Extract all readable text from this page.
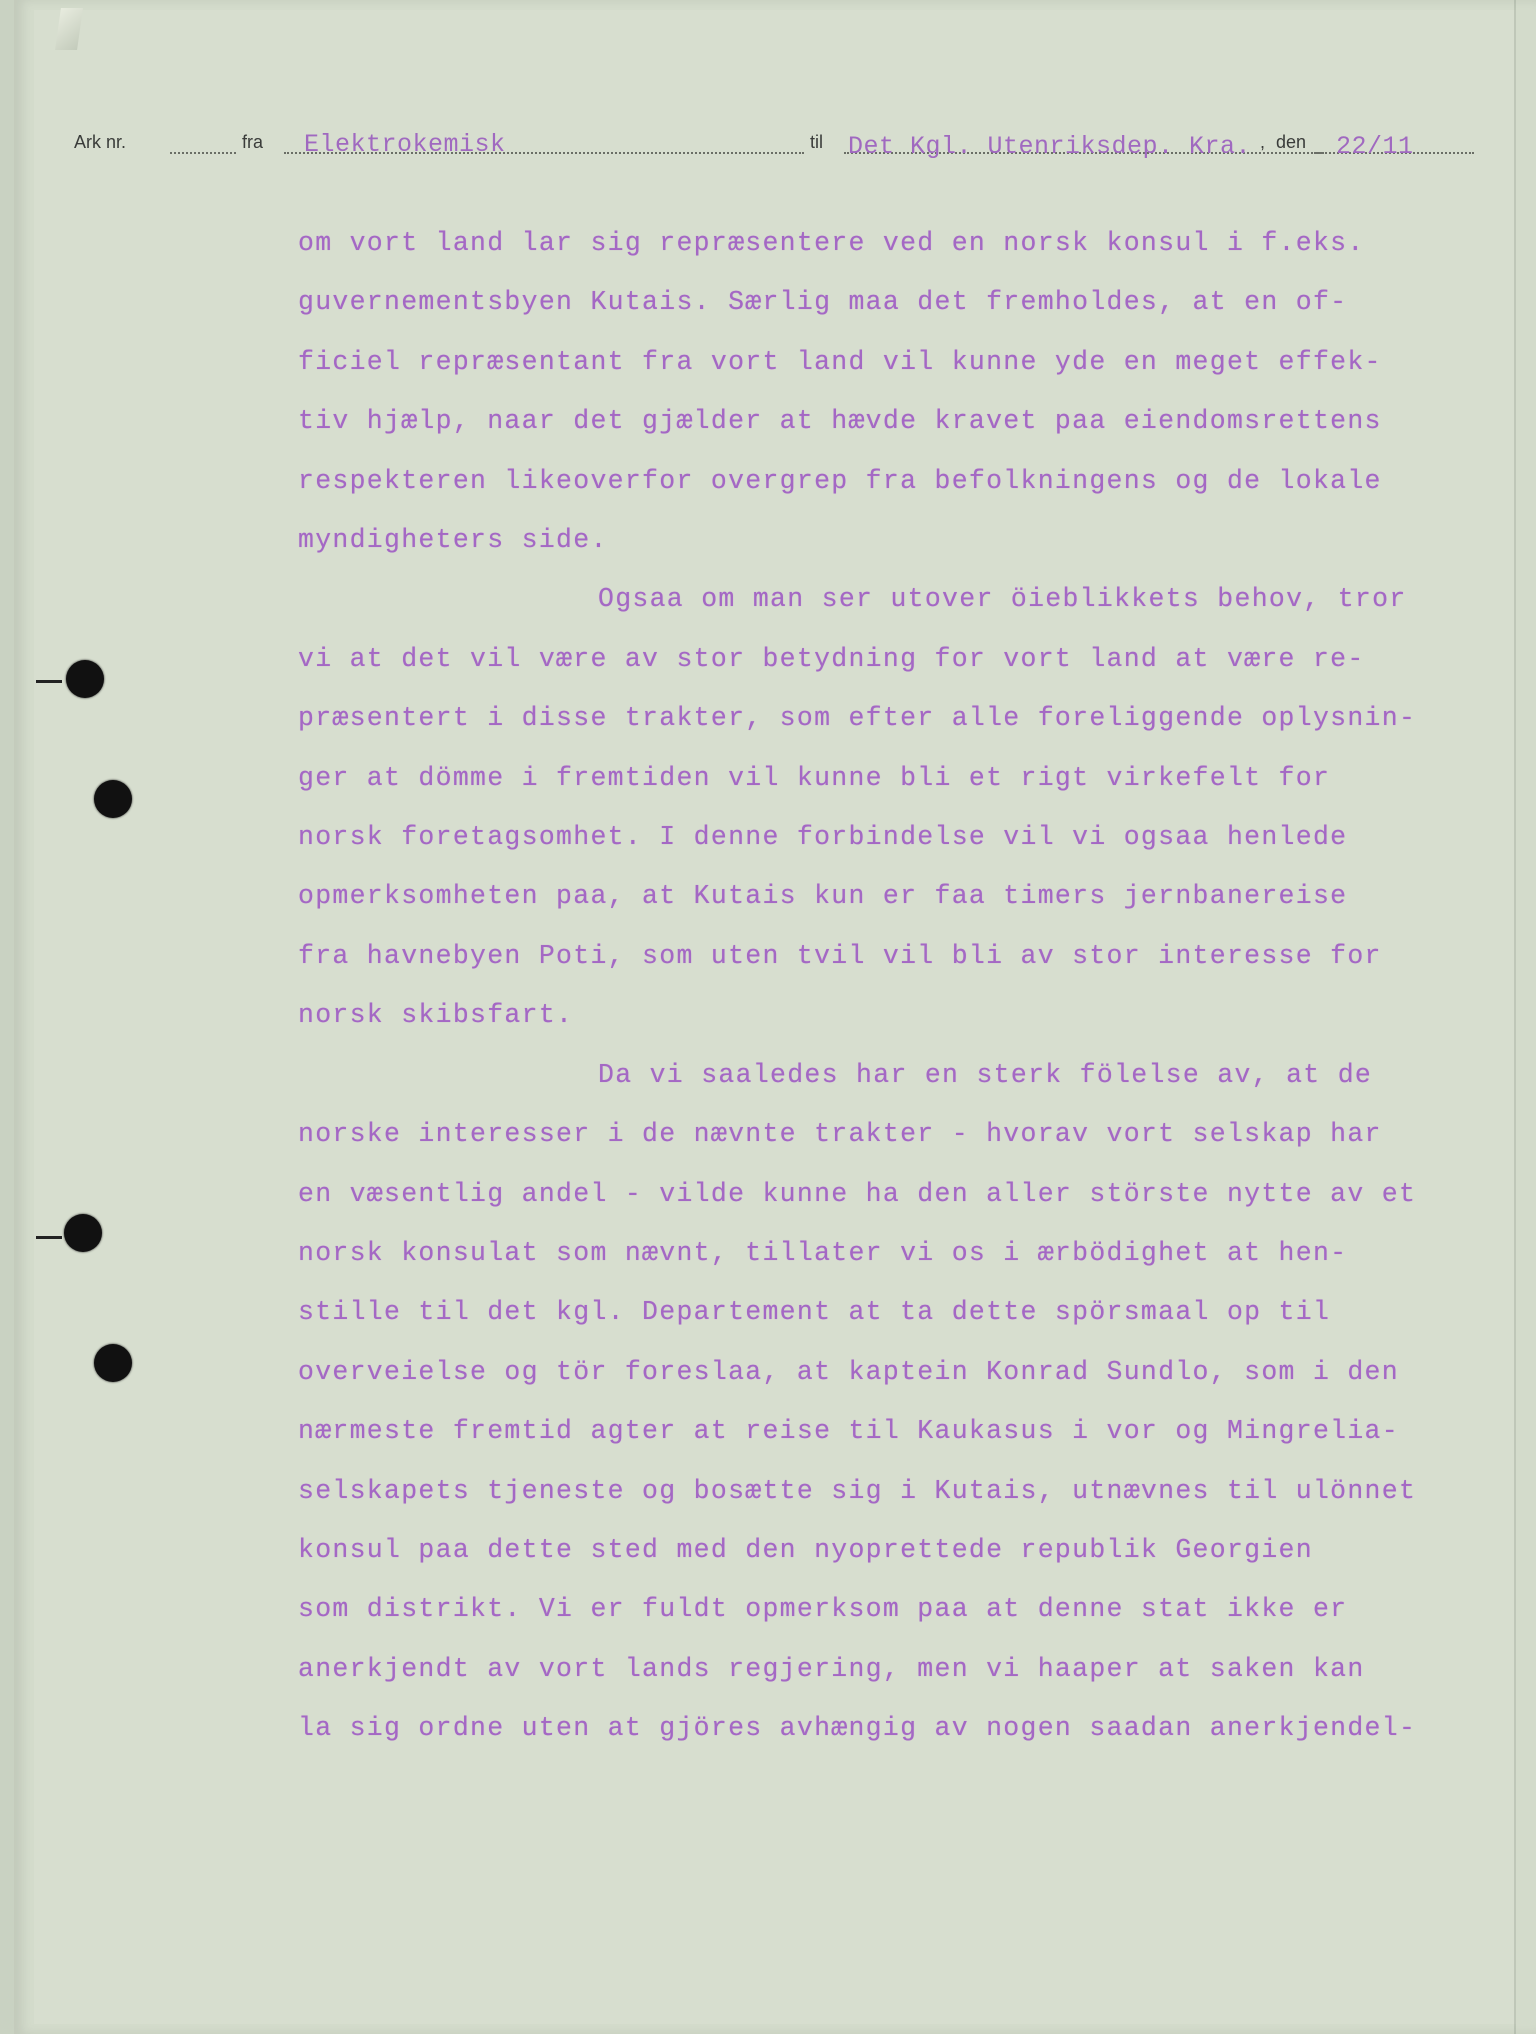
Ark nr.	fra Elektrokemisk	til Det Kgl. Utenriksdep. Kra. , den 22/11
om vort land lar sig repræsentere ved en norsk konsul i f.eks.
guvernementsbyen Kutais. Særlig maa det fremholdes, at en of-
ficiel repræsentant fra vort land vil kunne yde en meget effek-
tiv hjælp, naar det gjælder at hævde kravet paa eiendomsrettens
respekteren likeoverfor overgrep fra befolkningens og de lokale
myndigheters side.
Ogsaa om man ser utover öieblikkets behov, tror
vi at det vil være av stor betydning for vort land at være re-
præsentert i disse trakter, som efter alle foreliggende oplysnin-
ger at dömme i fremtiden vil kunne bli et rigt virkefelt for
norsk foretagsomhet. I denne forbindelse vil vi ogsaa henlede
opmerksomheten paa, at Kutais kun er faa timers jernbanereise
fra havnebyen Poti, som uten tvil vil bli av stor interesse for
norsk skibsfart.
Da vi saaledes har en sterk fölelse av, at de
norske interesser i de nævnte trakter - hvorav vort selskap har
en væsentlig andel - vilde kunne ha den aller störste nytte av et
norsk konsulat som nævnt, tillater vi os i ærbödighet at hen-
stille til det kgl. Departement at ta dette spörsmaal op til
overveielse og tör foreslaa, at kaptein Konrad Sundlo, som i den
nærmeste fremtid agter at reise til Kaukasus i vor og Mingrelia-
selskapets tjeneste og bosætte sig i Kutais, utnævnes til ulönnet
konsul paa dette sted med den nyoprettede republik Georgien
som distrikt. Vi er fuldt opmerksom paa at denne stat ikke er
anerkjendt av vort lands regjering, men vi haaper at saken kan
la sig ordne uten at gjöres avhængig av nogen saadan anerkjendel-
